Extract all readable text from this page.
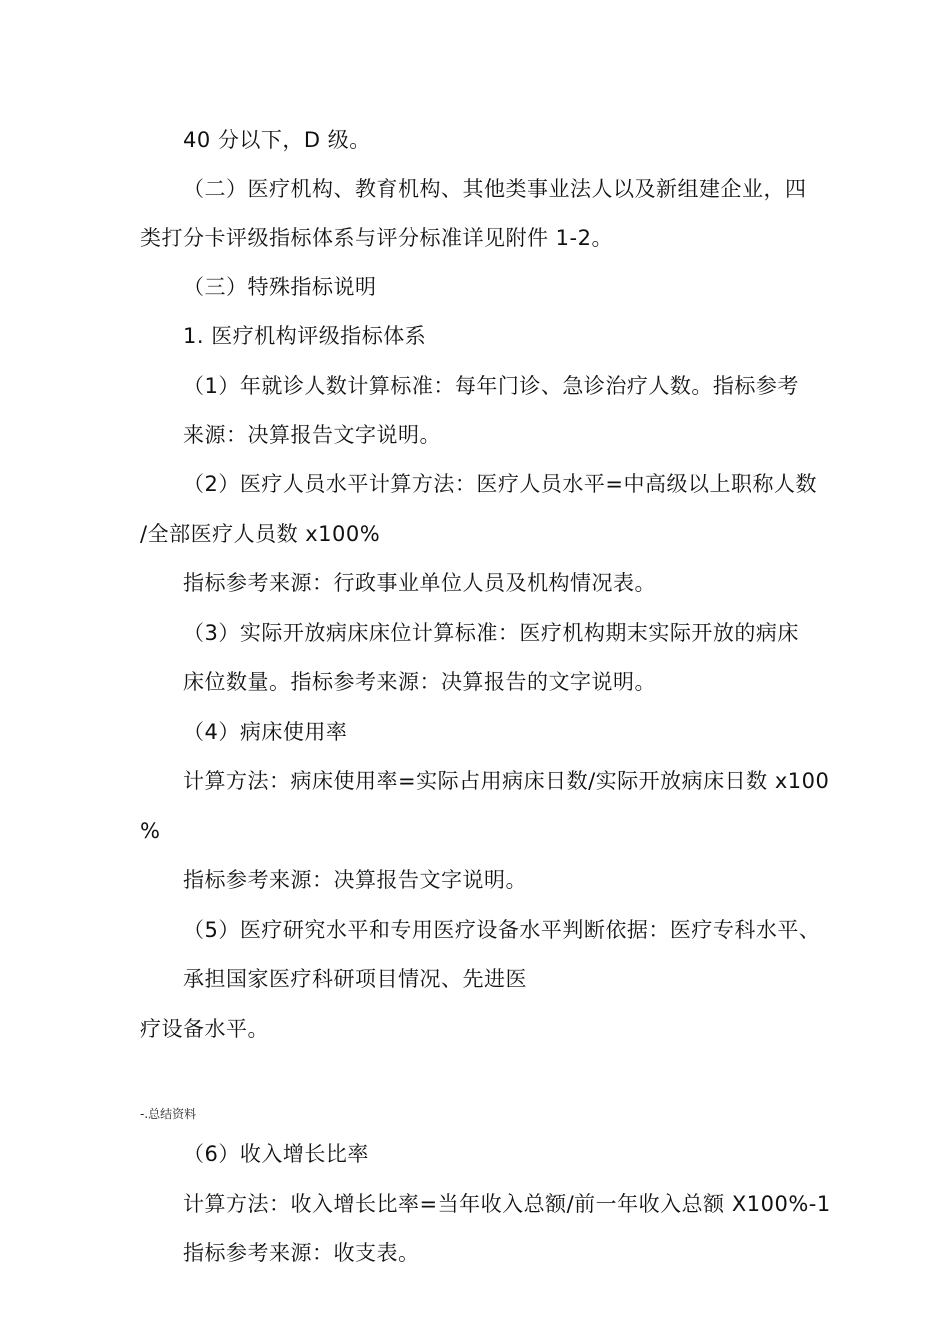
40 分以下，D 级。
（二）医疗机构、教育机构、其他类事业法人以及新组建企业，四
类打分卡评级指标体系与评分标准详见附件 1-2。
（三）特殊指标说明
1. 医疗机构评级指标体系
（1）年就诊人数计算标准：每年门诊、急诊治疗人数。指标参考
来源：决算报告文字说明。
（2）医疗人员水平计算方法：医疗人员水平=中高级以上职称人数
/全部医疗人员数 x100%
指标参考来源：行政事业单位人员及机构情况表。
（3）实际开放病床床位计算标准：医疗机构期末实际开放的病床
床位数量。指标参考来源：决算报告的文字说明。
（4）病床使用率
计算方法：病床使用率=实际占用病床日数/实际开放病床日数 x100
%
指标参考来源：决算报告文字说明。
（5）医疗研究水平和专用医疗设备水平判断依据：医疗专科水平、
承担国家医疗科研项目情况、先进医
疗设备水平。
-.总结资料
（6）收入增长比率
计算方法：收入增长比率=当年收入总额/前一年收入总额 X100%-1
指标参考来源：收支表。
